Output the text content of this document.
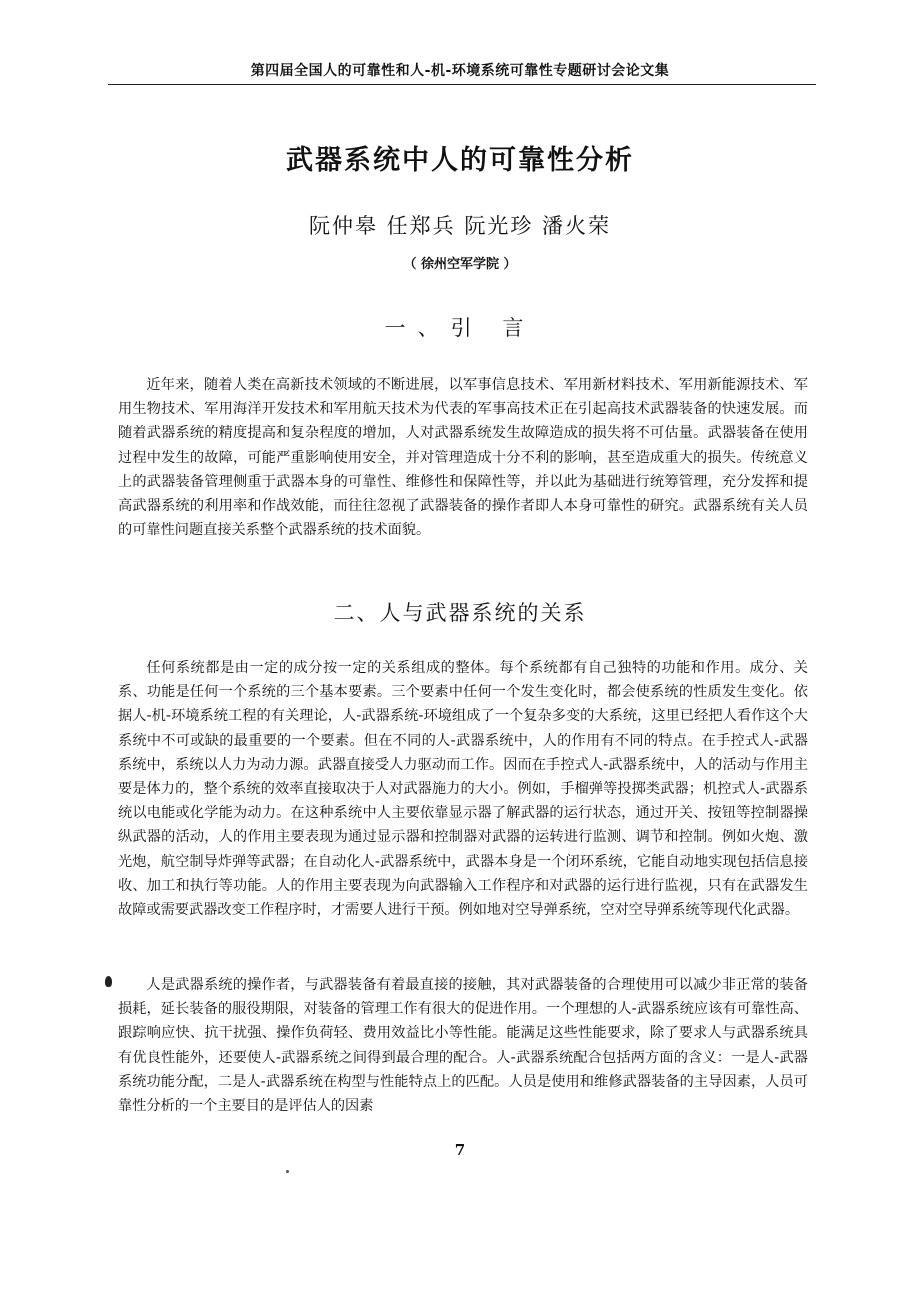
第四届全国人的可靠性和人-机-环境系统可靠性专题研讨会论文集
武器系统中人的可靠性分析
阮仲皋 任郑兵 阮光珍 潘火荣
（ 徐州空军学院 ）
一、引 言

近年来，随着人类在高新技术领域的不断进展，以军事信息技术、军用新材料技术、军用新能源技术、军用生物技术、军用海洋开发技术和军用航天技术为代表的军事高技术正在引起高技术武器装备的快速发展。而随着武器系统的精度提高和复杂程度的增加，人对武器系统发生故障造成的损失将不可估量。武器装备在使用过程中发生的故障，可能严重影响使用安全，并对管理造成十分不利的影响，甚至造成重大的损失。传统意义上的武器装备管理侧重于武器本身的可靠性、维修性和保障性等，并以此为基础进行统筹管理，充分发挥和提高武器系统的利用率和作战效能，而往往忽视了武器装备的操作者即人本身可靠性的研究。武器系统有关人员的可靠性问题直接关系整个武器系统的技术面貌。

二、人与武器系统的关系

任何系统都是由一定的成分按一定的关系组成的整体。每个系统都有自己独特的功能和作用。成分、关系、功能是任何一个系统的三个基本要素。三个要素中任何一个发生变化时，都会使系统的性质发生变化。依据人-机-环境系统工程的有关理论，人-武器系统-环境组成了一个复杂多变的大系统，这里已经把人看作这个大系统中不可或缺的最重要的一个要素。但在不同的人-武器系统中，人的作用有不同的特点。在手控式人-武器系统中，系统以人力为动力源。武器直接受人力驱动而工作。因而在手控式人-武器系统中，人的活动与作用主要是体力的，整个系统的效率直接取决于人对武器施力的大小。例如，手榴弹等投掷类武器；机控式人-武器系统以电能或化学能为动力。在这种系统中人主要依靠显示器了解武器的运行状态，通过开关、按钮等控制器操纵武器的活动，人的作用主要表现为通过显示器和控制器对武器的运转进行监测、调节和控制。例如火炮、激光炮，航空制导炸弹等武器；在自动化人-武器系统中，武器本身是一个闭环系统，它能自动地实现包括信息接收、加工和执行等功能。人的作用主要表现为向武器输入工作程序和对武器的运行进行监视，只有在武器发生故障或需要武器改变工作程序时，才需要人进行干预。例如地对空导弹系统，空对空导弹系统等现代化武器。

人是武器系统的操作者，与武器装备有着最直接的接触，其对武器装备的合理使用可以减少非正常的装备损耗，延长装备的服役期限，对装备的管理工作有很大的促进作用。一个理想的人-武器系统应该有可靠性高、跟踪响应快、抗干扰强、操作负荷轻、费用效益比小等性能。能满足这些性能要求，除了要求人与武器系统具有优良性能外，还要使人-武器系统之间得到最合理的配合。人-武器系统配合包括两方面的含义：一是人-武器系统功能分配，二是人-武器系统在构型与性能特点上的匹配。人员是使用和维修武器装备的主导因素，人员可靠性分析的一个主要目的是评估人的因素

7
